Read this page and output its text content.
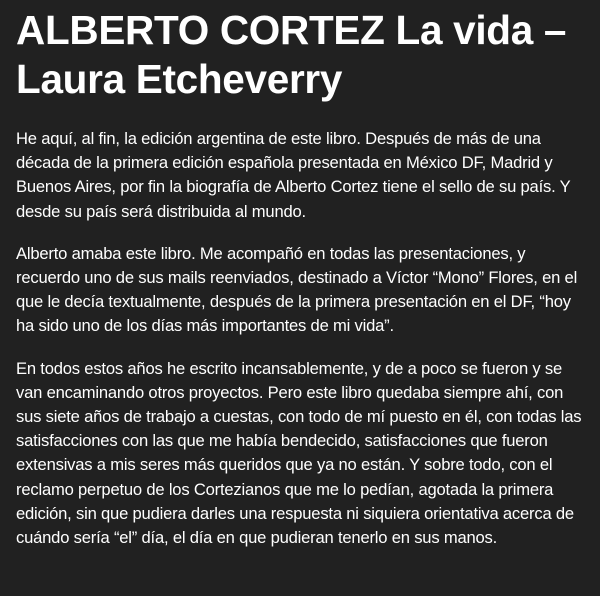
ALBERTO CORTEZ La vida – Laura Etcheverry

He aquí, al fin, la edición argentina de este libro. Después de más de una década de la primera edición española presentada en México DF, Madrid y Buenos Aires, por fin la biografía de Alberto Cortez tiene el sello de su país. Y desde su país será distribuida al mundo.

Alberto amaba este libro. Me acompañó en todas las presentaciones, y recuerdo uno de sus mails reenviados, destinado a Víctor “Mono” Flores, en el que le decía textualmente, después de la primera presentación en el DF, “hoy ha sido uno de los días más importantes de mi vida”.

En todos estos años he escrito incansablemente, y de a poco se fueron y se van encaminando otros proyectos. Pero este libro quedaba siempre ahí, con sus siete años de trabajo a cuestas, con todo de mí puesto en él, con todas las satisfacciones con las que me había bendecido, satisfacciones que fueron extensivas a mis seres más queridos que ya no están. Y sobre todo, con el reclamo perpetuo de los Cortezianos que me lo pedían, agotada la primera edición, sin que pudiera darles una respuesta ni siquiera orientativa acerca de cuándo sería “el” día, el día en que pudieran tenerlo en sus manos.
